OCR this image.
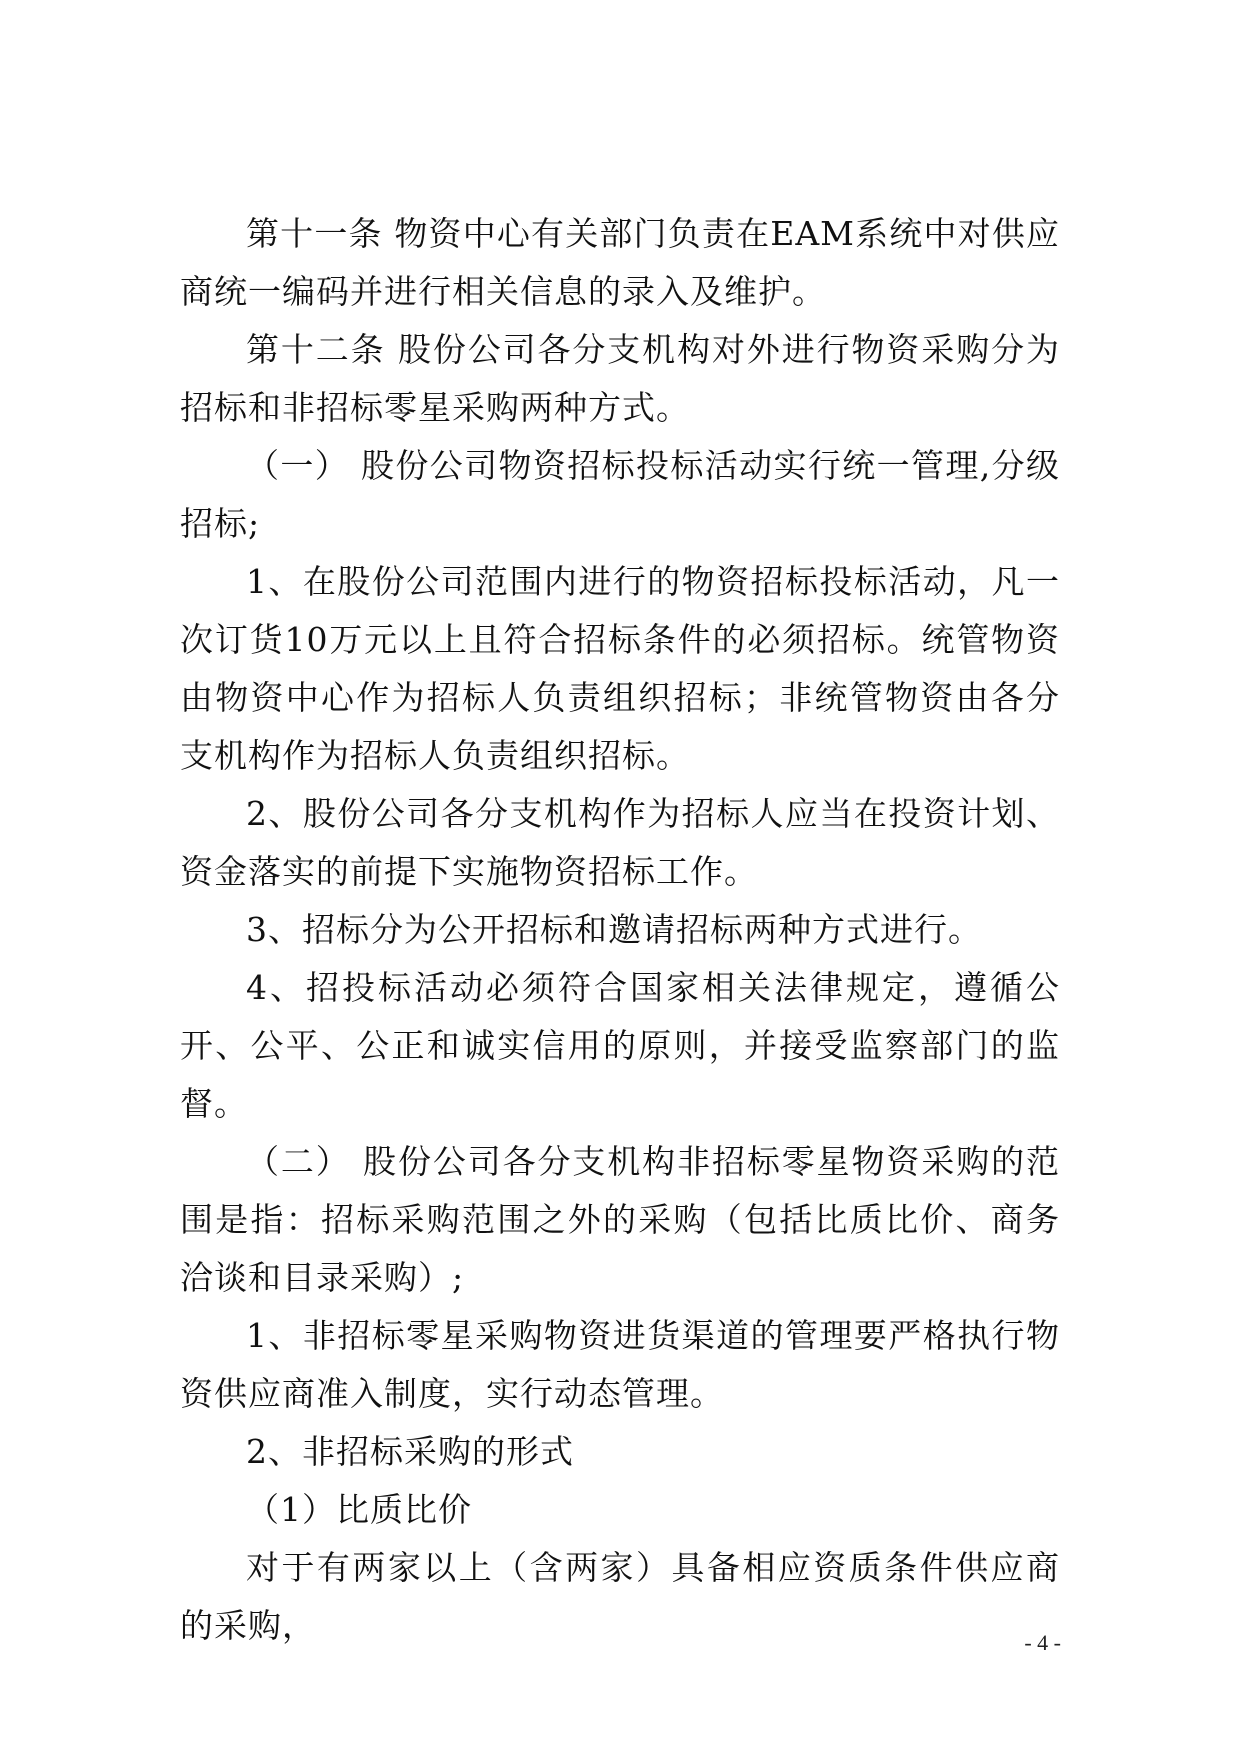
第十一条 物资中心有关部门负责在EAM系统中对供应商统一编码并进行相关信息的录入及维护。

第十二条 股份公司各分支机构对外进行物资采购分为招标和非招标零星采购两种方式。

（一） 股份公司物资招标投标活动实行统一管理,分级招标;

1、在股份公司范围内进行的物资招标投标活动，凡一次订货10万元以上且符合招标条件的必须招标。统管物资由物资中心作为招标人负责组织招标；非统管物资由各分支机构作为招标人负责组织招标。

2、股份公司各分支机构作为招标人应当在投资计划、资金落实的前提下实施物资招标工作。

3、招标分为公开招标和邀请招标两种方式进行。

4、招投标活动必须符合国家相关法律规定，遵循公开、公平、公正和诚实信用的原则，并接受监察部门的监督。

（二） 股份公司各分支机构非招标零星物资采购的范围是指：招标采购范围之外的采购（包括比质比价、商务洽谈和目录采购）;

1、非招标零星采购物资进货渠道的管理要严格执行物资供应商准入制度，实行动态管理。

2、非招标采购的形式

（1）比质比价

对于有两家以上（含两家）具备相应资质条件供应商的采购，	- 4 -
